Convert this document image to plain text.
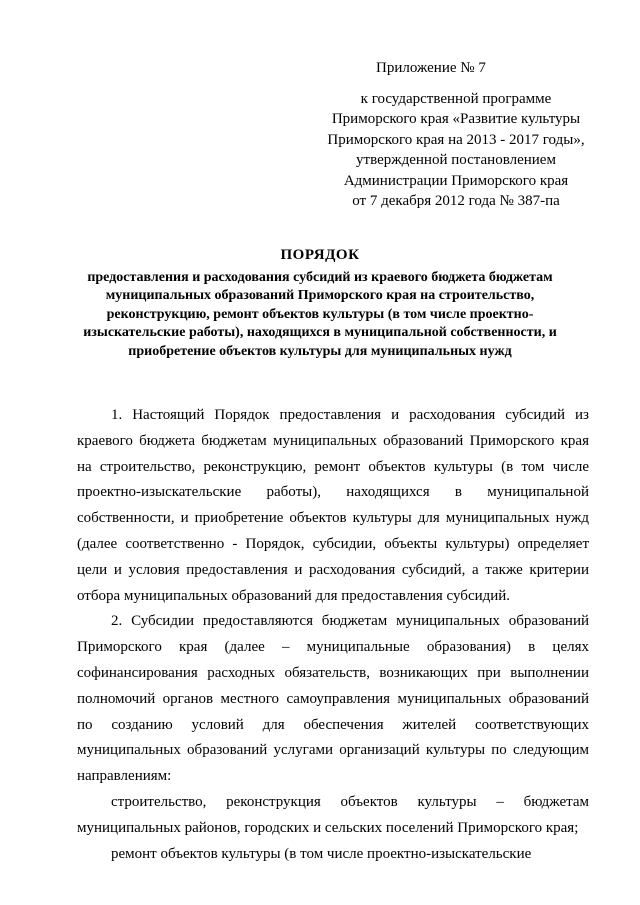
Приложение № 7
к государственной программе
Приморского края «Развитие культуры
Приморского края на 2013 - 2017 годы»,
утвержденной постановлением
Администрации Приморского края
от 7 декабря 2012 года № 387-па
ПОРЯДОК
предоставления и расходования субсидий из краевого бюджета бюджетам
муниципальных образований Приморского края на строительство,
реконструкцию, ремонт объектов культуры (в том числе проектно-
изыскательские работы), находящихся в муниципальной собственности, и
приобретение объектов культуры для муниципальных нужд

1. Настоящий Порядок предоставления и расходования субсидий из краевого бюджета бюджетам муниципальных образований Приморского края на строительство, реконструкцию, ремонт объектов культуры (в том числе проектно-изыскательские работы), находящихся в муниципальной собственности, и приобретение объектов культуры для муниципальных нужд (далее соответственно - Порядок, субсидии, объекты культуры) определяет цели и условия предоставления и расходования субсидий, а также критерии отбора муниципальных образований для предоставления субсидий.

2. Субсидии предоставляются бюджетам муниципальных образований Приморского края (далее – муниципальные образования) в целях софинансирования расходных обязательств, возникающих при выполнении полномочий органов местного самоуправления муниципальных образований по созданию условий для обеспечения жителей соответствующих муниципальных образований услугами организаций культуры по следующим направлениям:

строительство, реконструкция объектов культуры – бюджетам муниципальных районов, городских и сельских поселений Приморского края;

ремонт объектов культуры (в том числе проектно-изыскательские
